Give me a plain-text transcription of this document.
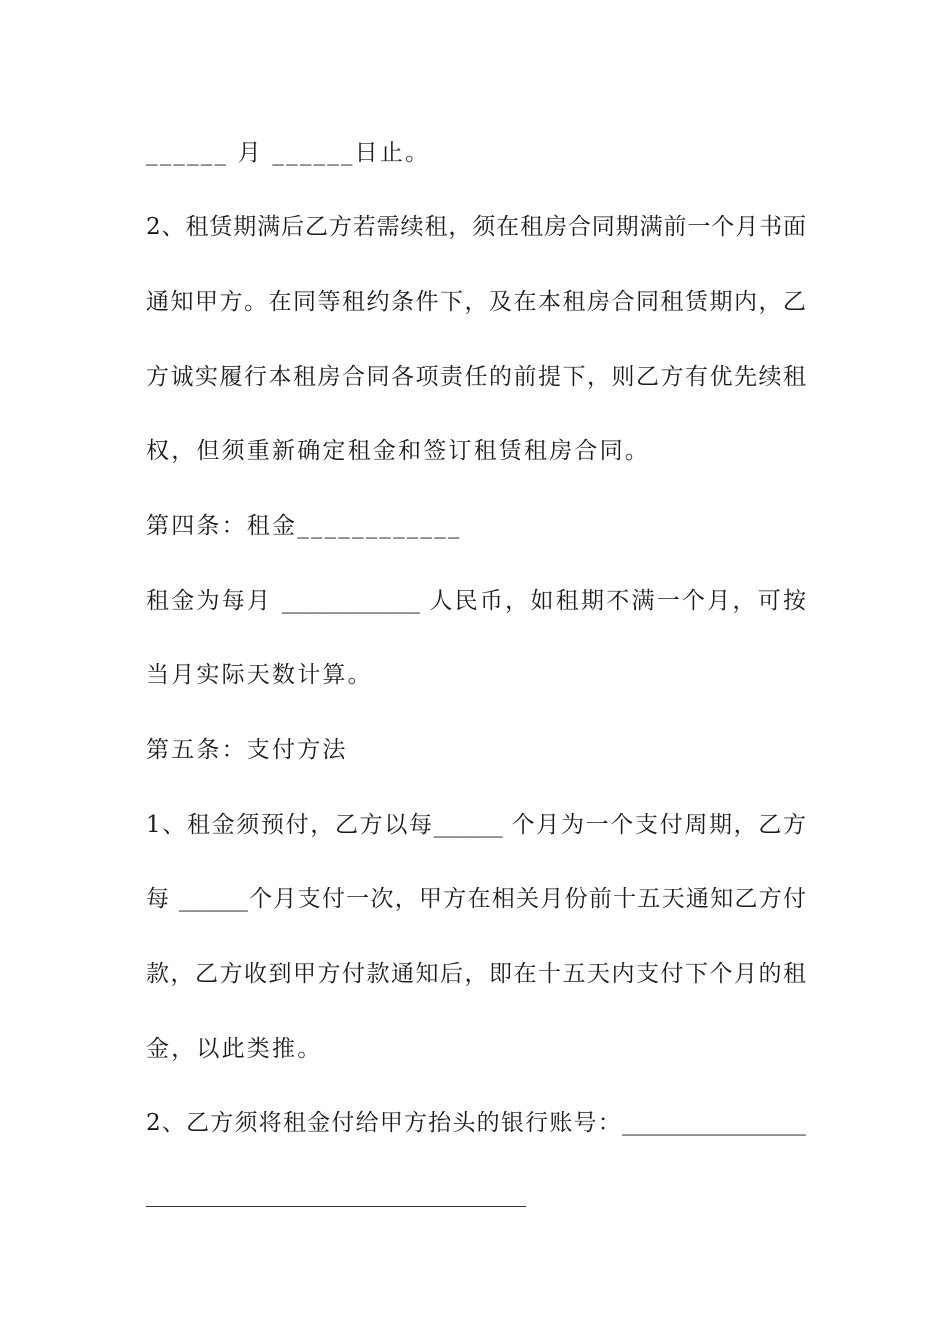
______ 月 ______日止。
2、租赁期满后乙方若需续租，须在租房合同期满前一个月书面
通知甲方。在同等租约条件下，及在本租房合同租赁期内，乙
方诚实履行本租房合同各项责任的前提下，则乙方有优先续租
权，但须重新确定租金和签订租赁租房合同。
第四条：租金____________
租金为每月 ____________ 人民币，如租期不满一个月，可按
当月实际天数计算。
第五条：支付方法
1、租金须预付，乙方以每______ 个月为一个支付周期，乙方
每 ______个月支付一次，甲方在相关月份前十五天通知乙方付
款，乙方收到甲方付款通知后，即在十五天内支付下个月的租
金，以此类推。
2、乙方须将租金付给甲方抬头的银行账号：________________
